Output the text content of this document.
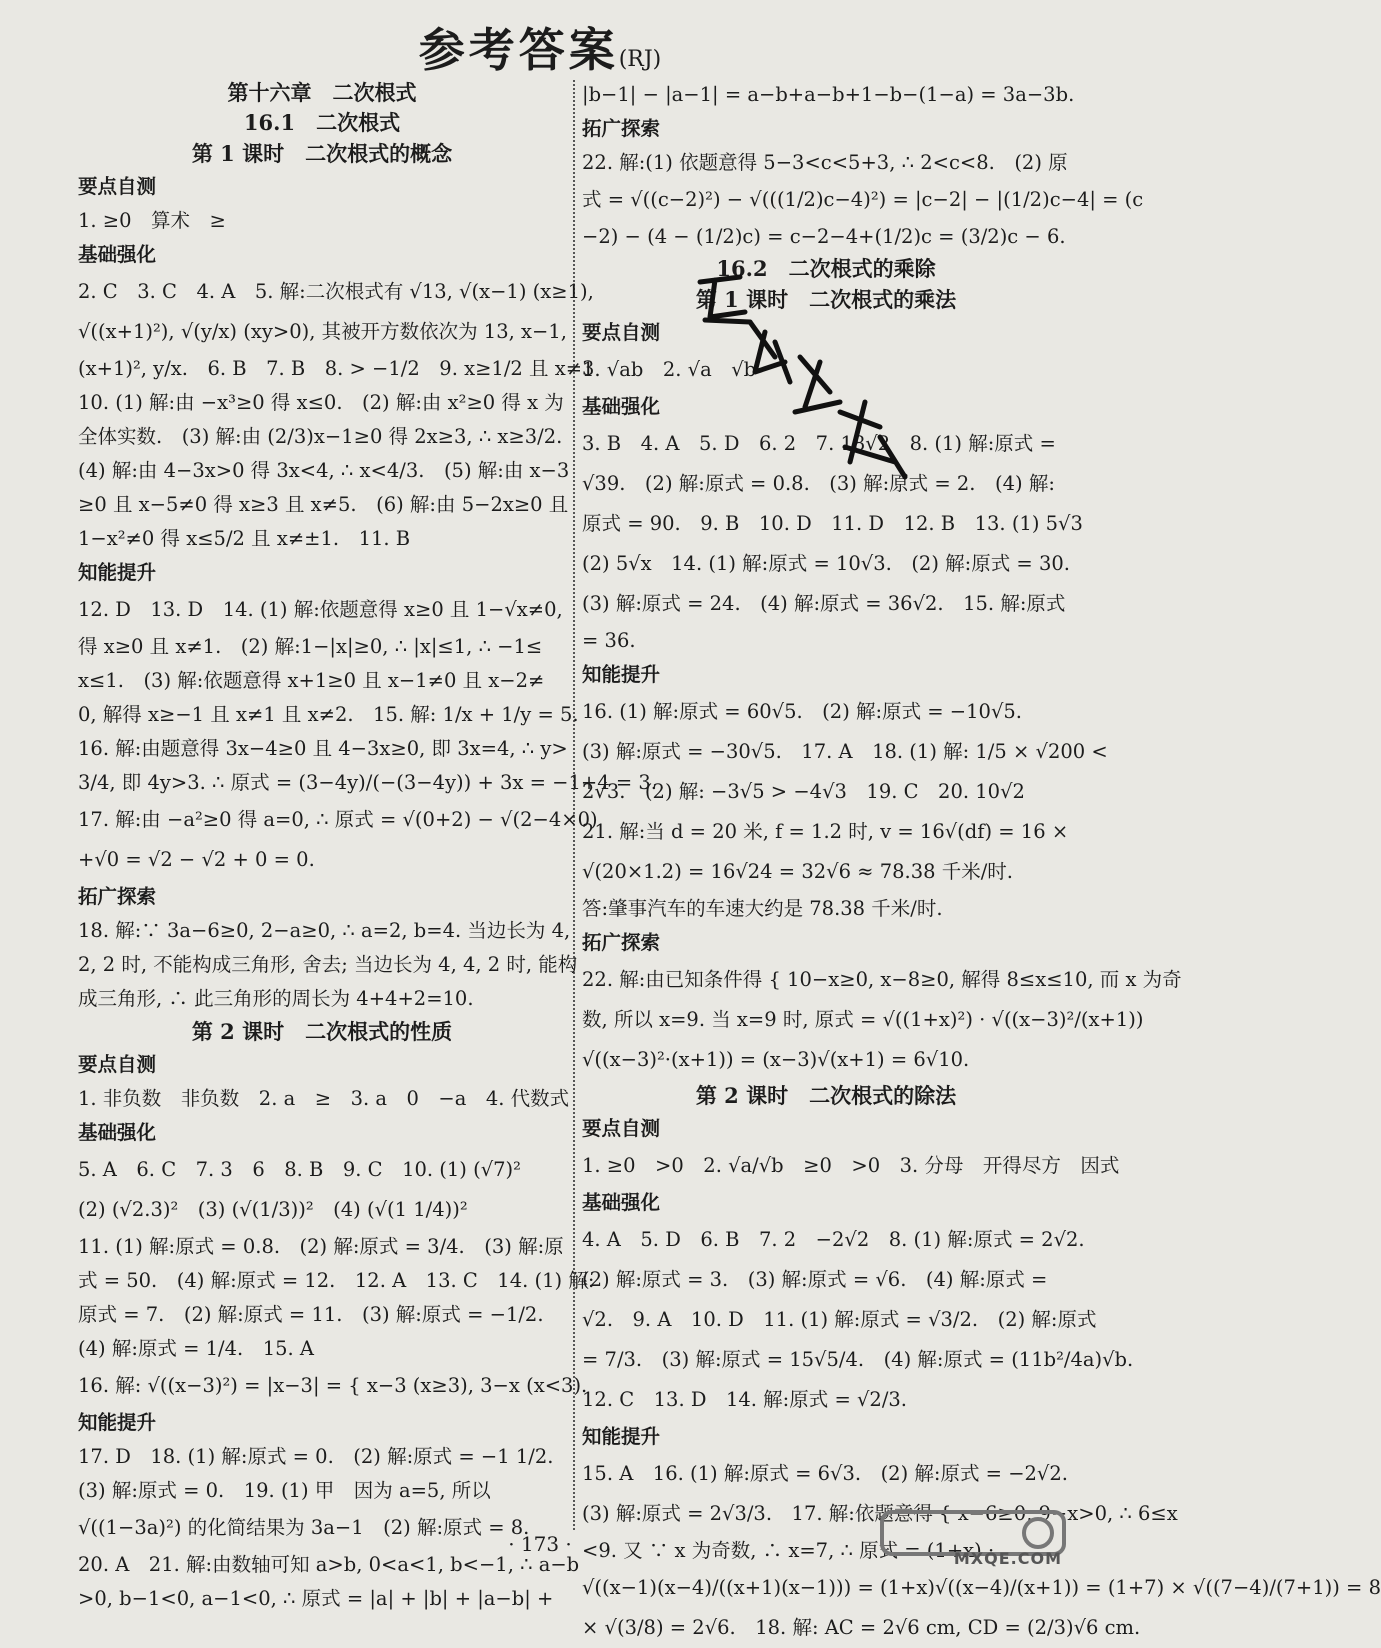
参考答案(RJ)
第十六章　二次根式
16.1　二次根式
第 1 课时　二次根式的概念
要点自测
1. ≥0　算术　≥
基础强化
2. C　3. C　4. A　5. 解:二次根式有 √13, √(x−1) (x≥1),
√((x+1)²), √(y/x) (xy>0), 其被开方数依次为 13, x−1,
(x+1)², y/x.　6. B　7. B　8. > −1/2　9. x≥1/2 且 x≠3
10. (1) 解:由 −x³≥0 得 x≤0.　(2) 解:由 x²≥0 得 x 为
全体实数.　(3) 解:由 (2/3)x−1≥0 得 2x≥3, ∴ x≥3/2.
(4) 解:由 4−3x>0 得 3x<4, ∴ x<4/3.　(5) 解:由 x−3
≥0 且 x−5≠0 得 x≥3 且 x≠5.　(6) 解:由 5−2x≥0 且
1−x²≠0 得 x≤5/2 且 x≠±1.　11. B
知能提升
12. D　13. D　14. (1) 解:依题意得 x≥0 且 1−√x≠0,
得 x≥0 且 x≠1.　(2) 解:1−|x|≥0, ∴ |x|≤1, ∴ −1≤
x≤1.　(3) 解:依题意得 x+1≥0 且 x−1≠0 且 x−2≠
0, 解得 x≥−1 且 x≠1 且 x≠2.　15. 解: 1/x + 1/y = 5.
16. 解:由题意得 3x−4≥0 且 4−3x≥0, 即 3x=4, ∴ y>
3/4, 即 4y>3. ∴ 原式 = (3−4y)/(−(3−4y)) + 3x = −1+4 = 3.
17. 解:由 −a²≥0 得 a=0, ∴ 原式 = √(0+2) − √(2−4×0)
+√0 = √2 − √2 + 0 = 0.
拓广探索
18. 解:∵ 3a−6≥0, 2−a≥0, ∴ a=2, b=4. 当边长为 4,
2, 2 时, 不能构成三角形, 舍去; 当边长为 4, 4, 2 时, 能构
成三角形, ∴ 此三角形的周长为 4+4+2=10.
第 2 课时　二次根式的性质
要点自测
1. 非负数　非负数　2. a　≥　3. a　0　−a　4. 代数式
基础强化
5. A　6. C　7. 3　6　8. B　9. C　10. (1) (√7)²
(2) (√2.3)²　(3) (√(1/3))²　(4) (√(1 1/4))²
11. (1) 解:原式 = 0.8.　(2) 解:原式 = 3/4.　(3) 解:原
式 = 50.　(4) 解:原式 = 12.　12. A　13. C　14. (1) 解:
原式 = 7.　(2) 解:原式 = 11.　(3) 解:原式 = −1/2.
(4) 解:原式 = 1/4.　15. A
16. 解: √((x−3)²) = |x−3| = { x−3 (x≥3), 3−x (x<3).
知能提升
17. D　18. (1) 解:原式 = 0.　(2) 解:原式 = −1 1/2.
(3) 解:原式 = 0.　19. (1) 甲　因为 a=5, 所以
√((1−3a)²) 的化简结果为 3a−1　(2) 解:原式 = 8.
20. A　21. 解:由数轴可知 a>b, 0<a<1, b<−1, ∴ a−b
>0, b−1<0, a−1<0, ∴ 原式 = |a| + |b| + |a−b| +
|b−1| − |a−1| = a−b+a−b+1−b−(1−a) = 3a−3b.
拓广探索
22. 解:(1) 依题意得 5−3<c<5+3, ∴ 2<c<8.　(2) 原
式 = √((c−2)²) − √(((1/2)c−4)²) = |c−2| − |(1/2)c−4| = (c
−2) − (4 − (1/2)c) = c−2−4+(1/2)c = (3/2)c − 6.
16.2　二次根式的乘除
第 1 课时　二次根式的乘法
要点自测
1. √ab　2. √a　√b
基础强化
3. B　4. A　5. D　6. 2　7. 18√2　8. (1) 解:原式 =
√39.　(2) 解:原式 = 0.8.　(3) 解:原式 = 2.　(4) 解:
原式 = 90.　9. B　10. D　11. D　12. B　13. (1) 5√3
(2) 5√x　14. (1) 解:原式 = 10√3.　(2) 解:原式 = 30.
(3) 解:原式 = 24.　(4) 解:原式 = 36√2.　15. 解:原式
= 36.
知能提升
16. (1) 解:原式 = 60√5.　(2) 解:原式 = −10√5.
(3) 解:原式 = −30√5.　17. A　18. (1) 解: 1/5 × √200 <
2√3.　(2) 解: −3√5 > −4√3　19. C　20. 10√2
21. 解:当 d = 20 米, f = 1.2 时, v = 16√(df) = 16 ×
√(20×1.2) = 16√24 = 32√6 ≈ 78.38 千米/时.
答:肇事汽车的车速大约是 78.38 千米/时.
拓广探索
22. 解:由已知条件得 { 10−x≥0, x−8≥0, 解得 8≤x≤10, 而 x 为奇
数, 所以 x=9. 当 x=9 时, 原式 = √((1+x)²) · √((x−3)²/(x+1))
√((x−3)²·(x+1)) = (x−3)√(x+1) = 6√10.
第 2 课时　二次根式的除法
要点自测
1. ≥0　>0　2. √a/√b　≥0　>0　3. 分母　开得尽方　因式
基础强化
4. A　5. D　6. B　7. 2　−2√2　8. (1) 解:原式 = 2√2.
(2) 解:原式 = 3.　(3) 解:原式 = √6.　(4) 解:原式 =
√2.　9. A　10. D　11. (1) 解:原式 = √3/2.　(2) 解:原式
= 7/3.　(3) 解:原式 = 15√5/4.　(4) 解:原式 = (11b²/4a)√b.
12. C　13. D　14. 解:原式 = √2/3.
知能提升
15. A　16. (1) 解:原式 = 6√3.　(2) 解:原式 = −2√2.
(3) 解:原式 = 2√3/3.　17. 解:依题意得 { x−6≥0, 9−x>0, ∴ 6≤x
<9. 又 ∵ x 为奇数, ∴ x=7, ∴ 原式 = (1+x) ·
√((x−1)(x−4)/((x+1)(x−1))) = (1+x)√((x−4)/(x+1)) = (1+7) × √((7−4)/(7+1)) = 8
× √(3/8) = 2√6.　18. 解: AC = 2√6 cm, CD = (2/3)√6 cm.
· 173 ·
MXQE.COM
